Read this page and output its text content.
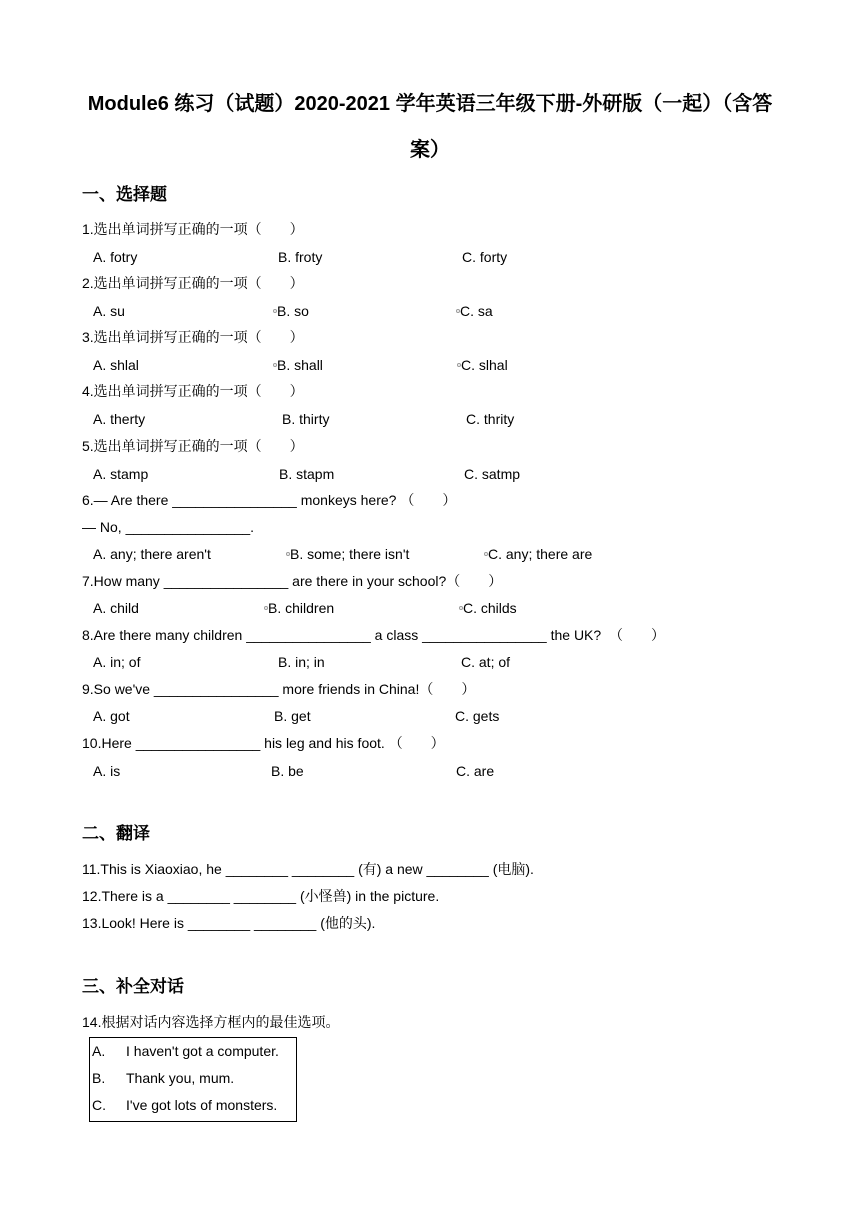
Module6 练习（试题）2020-2021 学年英语三年级下册-外研版（一起）（含答
案）
一、选择题
1.选出单词拼写正确的一项（　　）
A. fotry	B. froty	C. forty
2.选出单词拼写正确的一项（　　）
A. su	B. so	C. sa
3.选出单词拼写正确的一项（　　）
A. shlal	B. shall	C. slhal
4.选出单词拼写正确的一项（　　）
A. therty	B. thirty	C. thrity
5.选出单词拼写正确的一项（　　）
A. stamp	B. stapm	C. satmp
6.— Are there ________________ monkeys here? （　　）
— No, ________________.
A. any; there aren't	B. some; there isn't	C. any; there are
7.How many ________________ are there in your school?（　　）
A. child	B. children	C. childs
8.Are there many children ________________ a class ________________ the UK?  （　　）
A. in; of	B. in; in	C. at; of
9.So we've ________________ more friends in China!（　　）
A. got	B. get	C. gets
10.Here ________________ his leg and his foot. （　　）
A. is	B. be	C. are
二、翻译
11.This is Xiaoxiao, he ________ ________ (有) a new ________ (电脑).
12.There is a ________ ________ (小怪兽) in the picture.
13.Look! Here is ________ ________ (他的头).
三、补全对话
14.根据对话内容选择方框内的最佳选项。
A. I haven't got a computer.
B. Thank you, mum.
C. I've got lots of monsters.
